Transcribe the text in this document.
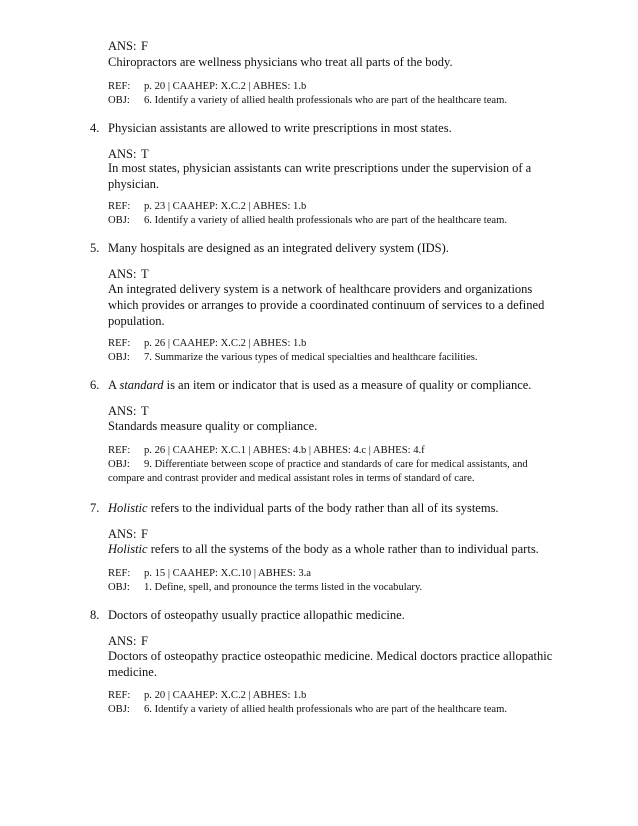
ANS: F
Chiropractors are wellness physicians who treat all parts of the body.
REF: p. 20 | CAAHEP: X.C.2 | ABHES: 1.b
OBJ: 6. Identify a variety of allied health professionals who are part of the healthcare team.
4. Physician assistants are allowed to write prescriptions in most states.
ANS: T
In most states, physician assistants can write prescriptions under the supervision of a
physician.
REF: p. 23 | CAAHEP: X.C.2 | ABHES: 1.b
OBJ: 6. Identify a variety of allied health professionals who are part of the healthcare team.
5. Many hospitals are designed as an integrated delivery system (IDS).
ANS: T
An integrated delivery system is a network of healthcare providers and organizations
which provides or arranges to provide a coordinated continuum of services to a defined
population.
REF: p. 26 | CAAHEP: X.C.2 | ABHES: 1.b
OBJ: 7. Summarize the various types of medical specialties and healthcare facilities.
6. A standard is an item or indicator that is used as a measure of quality or compliance.
ANS: T
Standards measure quality or compliance.
REF: p. 26 | CAAHEP: X.C.1 | ABHES: 4.b | ABHES: 4.c | ABHES: 4.f
OBJ: 9. Differentiate between scope of practice and standards of care for medical assistants, and
compare and contrast provider and medical assistant roles in terms of standard of care.
7. Holistic refers to the individual parts of the body rather than all of its systems.
ANS: F
Holistic refers to all the systems of the body as a whole rather than to individual parts.
REF: p. 15 | CAAHEP: X.C.10 | ABHES: 3.a
OBJ: 1. Define, spell, and pronounce the terms listed in the vocabulary.
8. Doctors of osteopathy usually practice allopathic medicine.
ANS: F
Doctors of osteopathy practice osteopathic medicine. Medical doctors practice allopathic
medicine.
REF: p. 20 | CAAHEP: X.C.2 | ABHES: 1.b
OBJ: 6. Identify a variety of allied health professionals who are part of the healthcare team.
